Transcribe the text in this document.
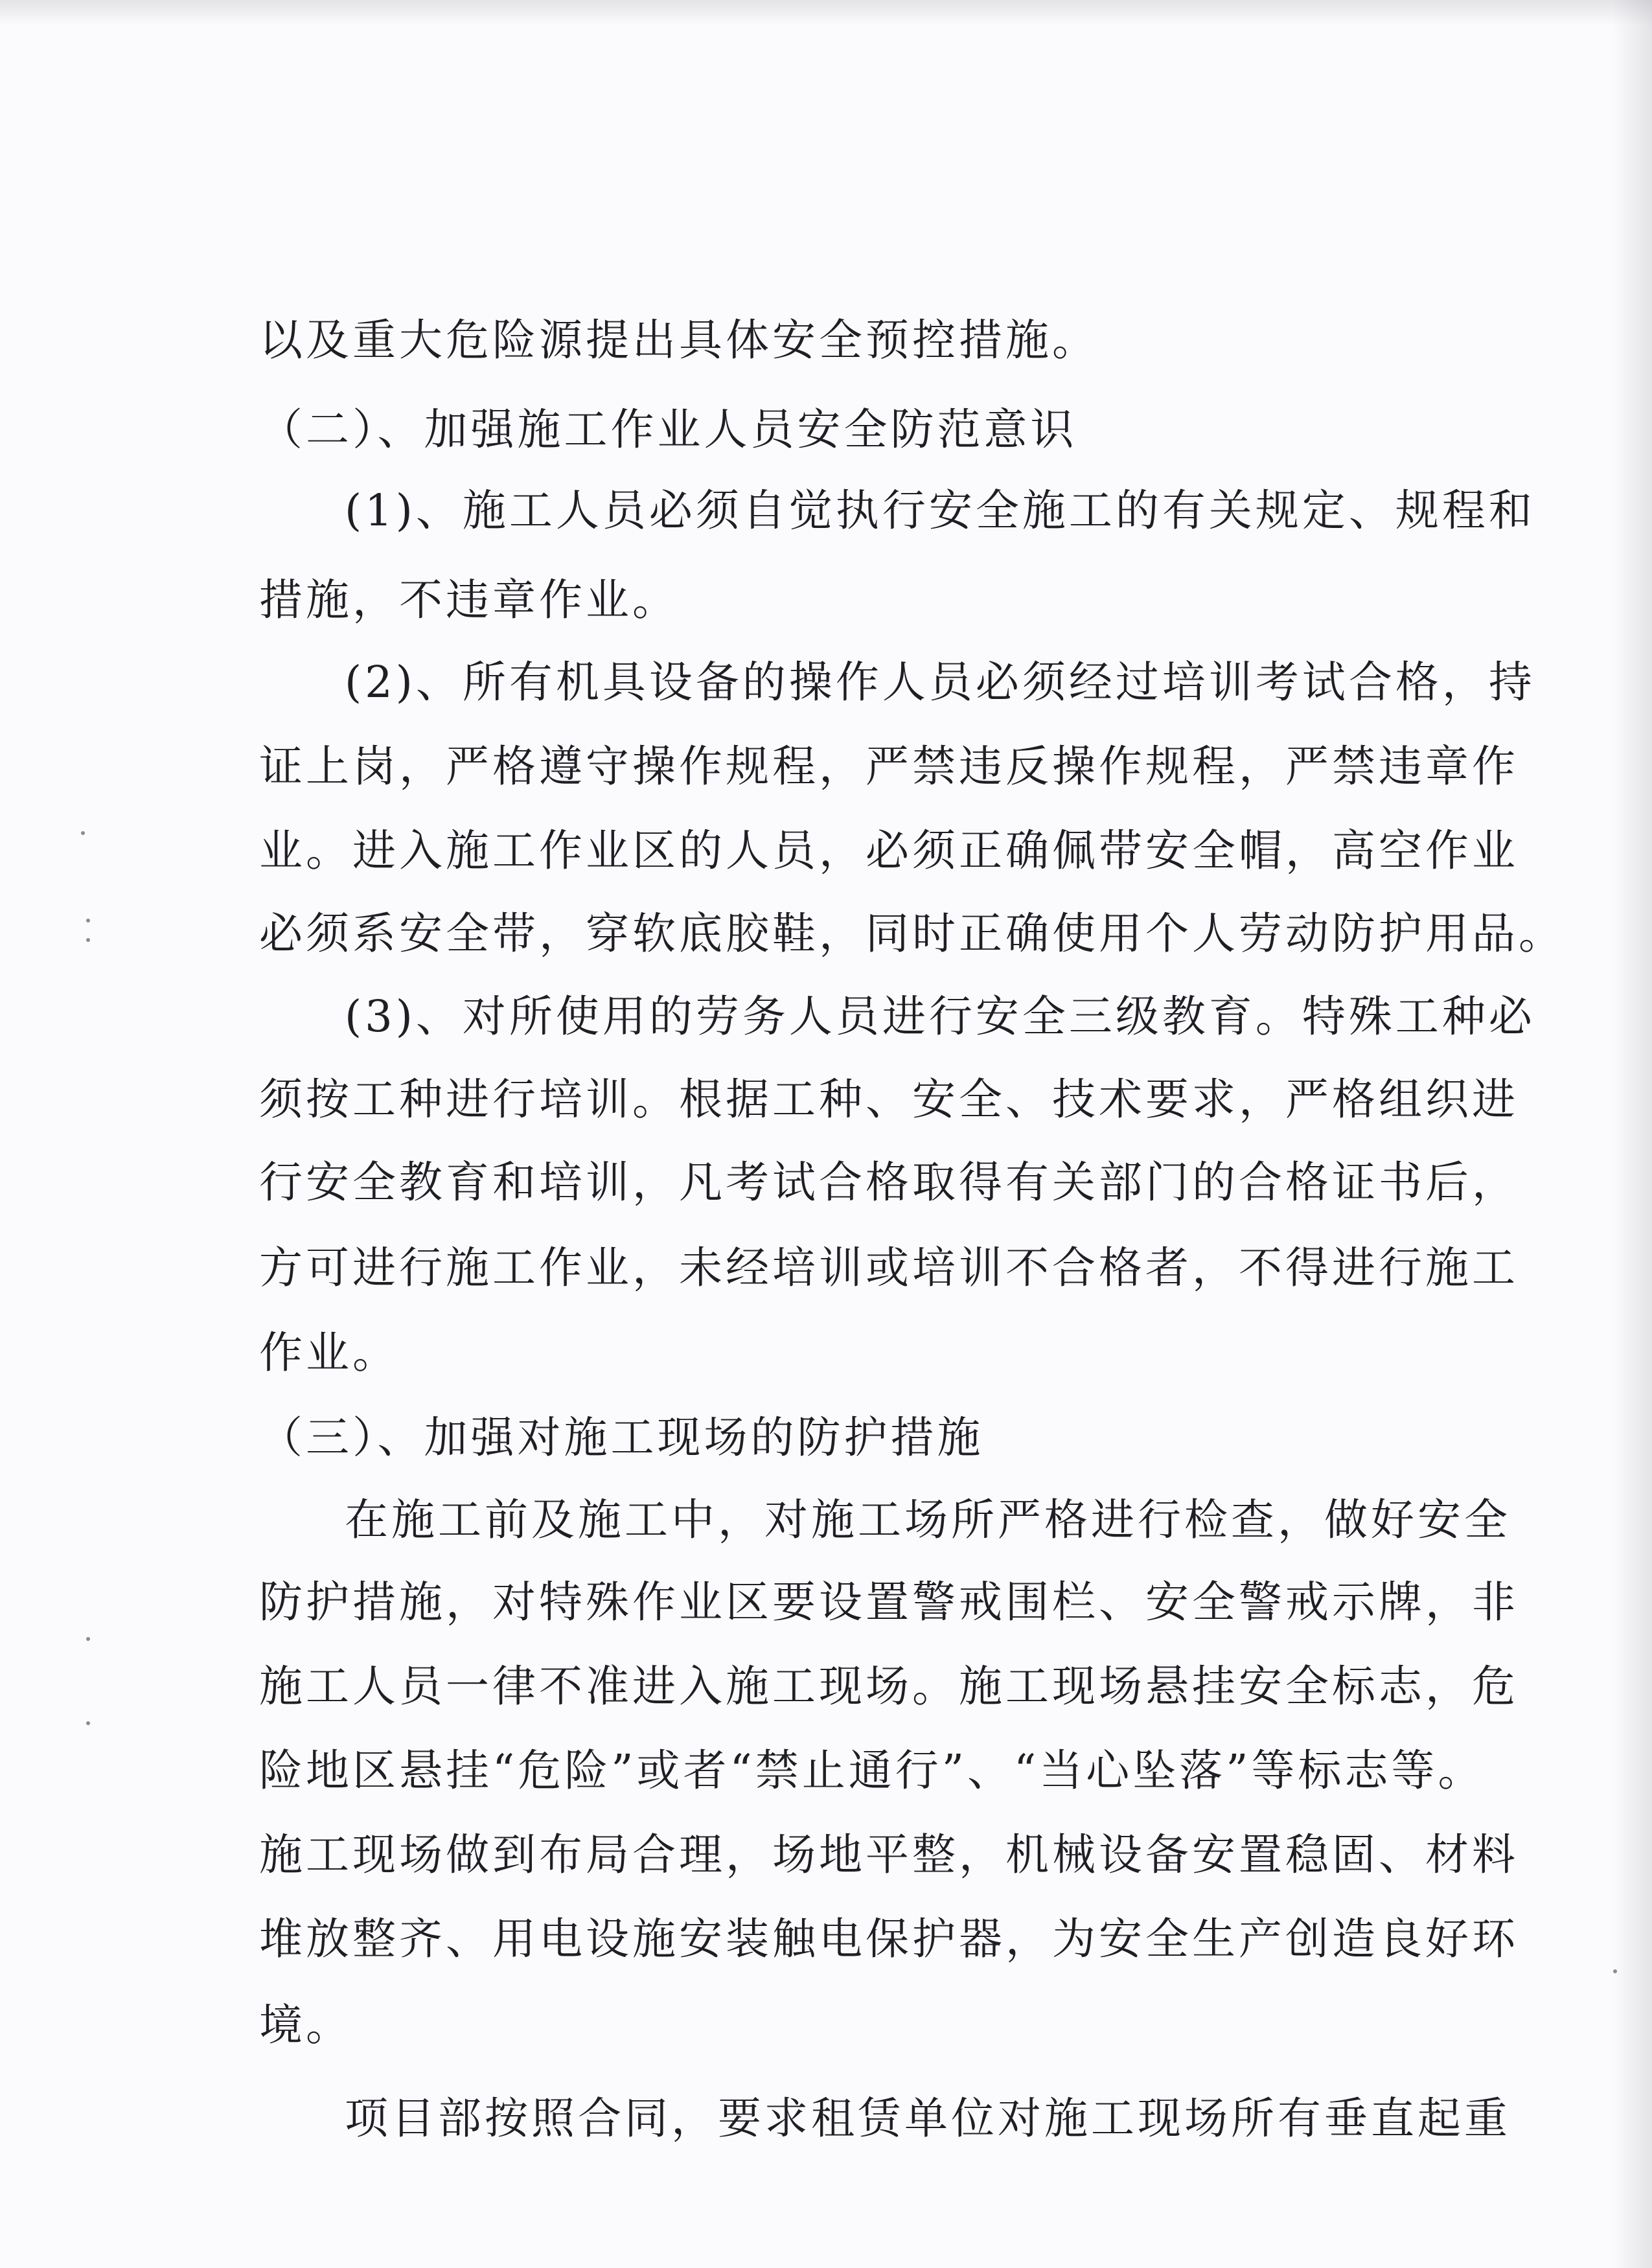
以及重大危险源提出具体安全预控措施。
（二）、加强施工作业人员安全防范意识
(1)、施工人员必须自觉执行安全施工的有关规定、规程和
措施，不违章作业。
(2)、所有机具设备的操作人员必须经过培训考试合格，持
证上岗，严格遵守操作规程，严禁违反操作规程，严禁违章作
业。进入施工作业区的人员，必须正确佩带安全帽，高空作业
必须系安全带，穿软底胶鞋，同时正确使用个人劳动防护用品。
(3)、对所使用的劳务人员进行安全三级教育。特殊工种必
须按工种进行培训。根据工种、安全、技术要求，严格组织进
行安全教育和培训，凡考试合格取得有关部门的合格证书后，
方可进行施工作业，未经培训或培训不合格者，不得进行施工
作业。
（三）、加强对施工现场的防护措施
在施工前及施工中，对施工场所严格进行检查，做好安全
防护措施，对特殊作业区要设置警戒围栏、安全警戒示牌，非
施工人员一律不准进入施工现场。施工现场悬挂安全标志，危
险地区悬挂“危险”或者“禁止通行”、“当心坠落”等标志等。
施工现场做到布局合理，场地平整，机械设备安置稳固、材料
堆放整齐、用电设施安装触电保护器，为安全生产创造良好环
境。
项目部按照合同，要求租赁单位对施工现场所有垂直起重
